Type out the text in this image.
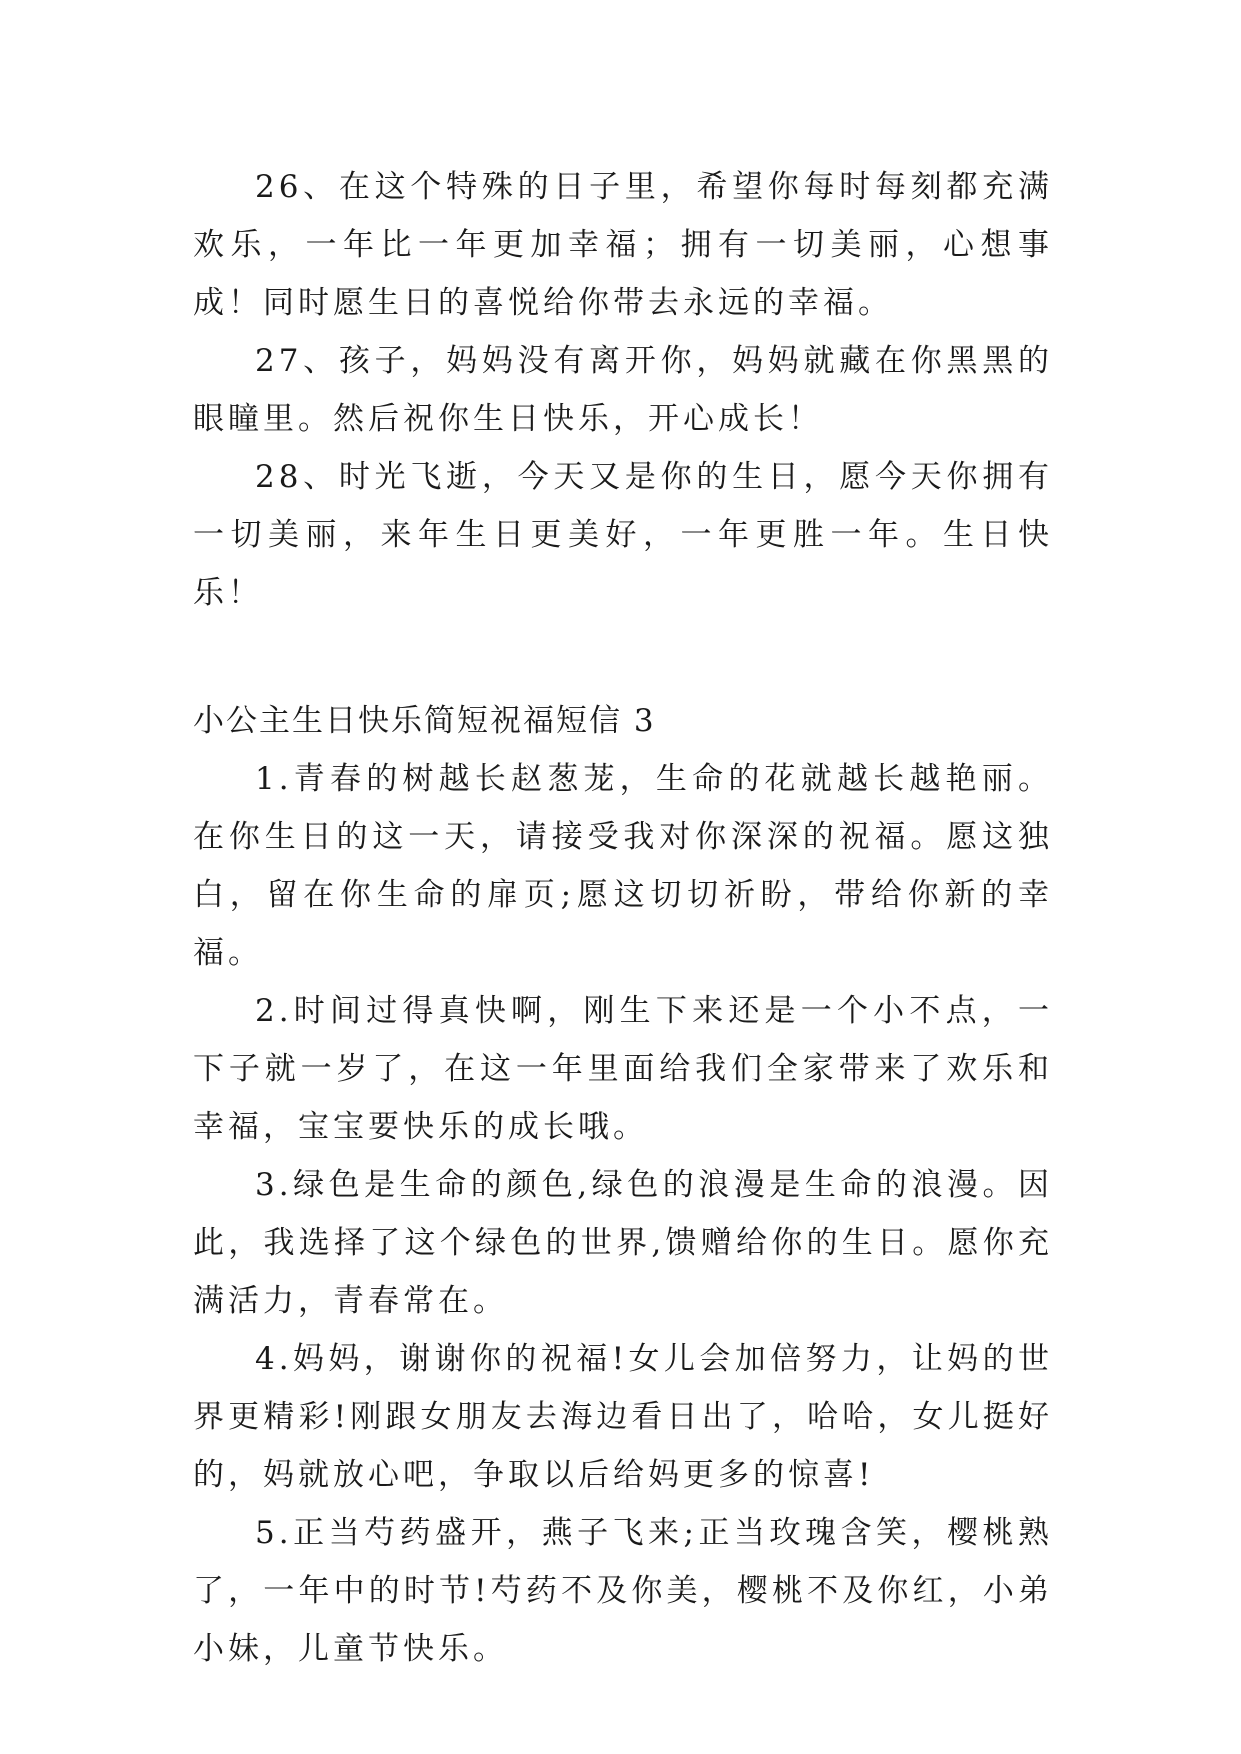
26、在这个特殊的日子里，希望你每时每刻都充满欢乐，一年比一年更加幸福；拥有一切美丽，心想事成！同时愿生日的喜悦给你带去永远的幸福。

27、孩子，妈妈没有离开你，妈妈就藏在你黑黑的眼瞳里。然后祝你生日快乐，开心成长！

28、时光飞逝，今天又是你的生日，愿今天你拥有一切美丽，来年生日更美好，一年更胜一年。生日快乐！

小公主生日快乐简短祝福短信 3

1.青春的树越长赵葱茏，生命的花就越长越艳丽。在你生日的这一天，请接受我对你深深的祝福。愿这独白，留在你生命的扉页;愿这切切祈盼，带给你新的幸福。

2.时间过得真快啊，刚生下来还是一个小不点，一下子就一岁了，在这一年里面给我们全家带来了欢乐和幸福，宝宝要快乐的成长哦。

3.绿色是生命的颜色,绿色的浪漫是生命的浪漫。因此，我选择了这个绿色的世界,馈赠给你的生日。愿你充满活力，青春常在。

4.妈妈，谢谢你的祝福!女儿会加倍努力，让妈的世界更精彩!刚跟女朋友去海边看日出了，哈哈，女儿挺好的，妈就放心吧，争取以后给妈更多的惊喜!

5.正当芍药盛开，燕子飞来;正当玫瑰含笑，樱桃熟了，一年中的时节!芍药不及你美，樱桃不及你红，小弟小妹，儿童节快乐。
